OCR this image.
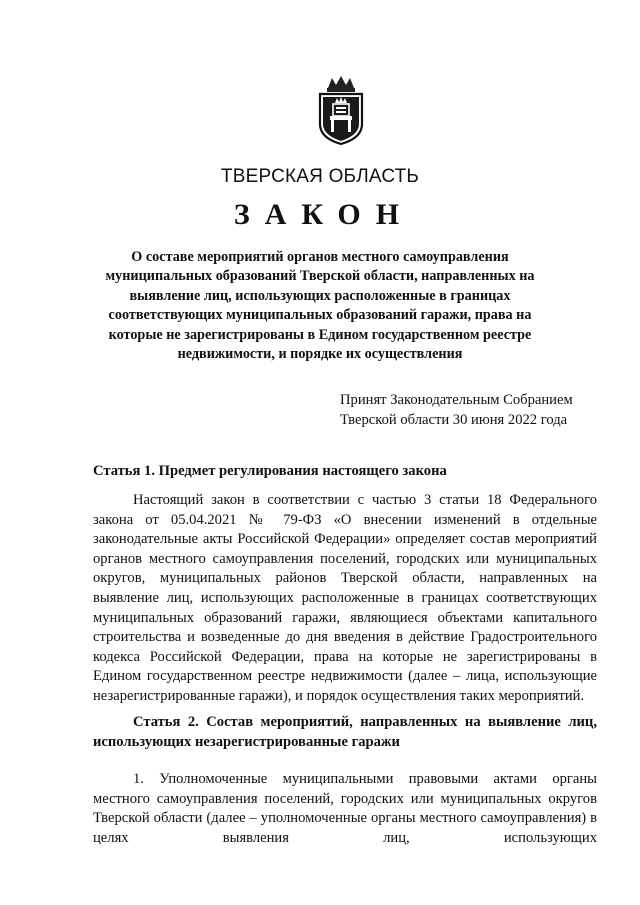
ТВЕРСКАЯ ОБЛАСТЬ
ЗАКОН
О составе мероприятий органов местного самоуправления муниципальных образований Тверской области, направленных на выявление лиц, использующих расположенные в границах соответствующих муниципальных образований гаражи, права на которые не зарегистрированы в Едином государственном реестре недвижимости, и порядке их осуществления
Принят Законодательным Собранием
Тверской области 30 июня 2022 года
Статья 1. Предмет регулирования настоящего закона
Настоящий закон в соответствии с частью 3 статьи 18 Федерального закона от 05.04.2021 № 79-ФЗ «О внесении изменений в отдельные законодательные акты Российской Федерации» определяет состав мероприятий органов местного самоуправления поселений, городских или муниципальных округов, муниципальных районов Тверской области, направленных на выявление лиц, использующих расположенные в границах соответствующих муниципальных образований гаражи, являющиеся объектами капитального строительства и возведенные до дня введения в действие Градостроительного кодекса Российской Федерации, права на которые не зарегистрированы в Едином государственном реестре недвижимости (далее – лица, использующие незарегистрированные гаражи), и порядок осуществления таких мероприятий.
Статья 2. Состав мероприятий, направленных на выявление лиц, использующих незарегистрированные гаражи
1. Уполномоченные муниципальными правовыми актами органы местного самоуправления поселений, городских или муниципальных округов Тверской области (далее – уполномоченные органы местного самоуправления) в целях выявления лиц, использующих
